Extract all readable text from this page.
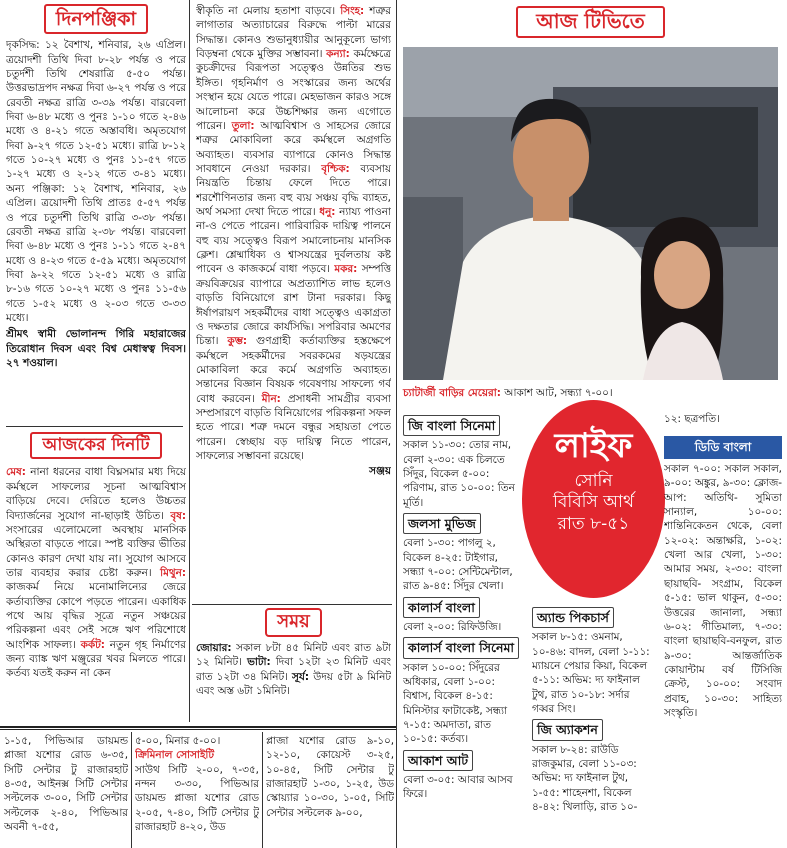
দিনপঞ্জিকা

দৃকসিদ্ধ: ১২ বৈশাখ, শনিবার, ২৬ এপ্রিল। ত্রয়োদশী তিথি দিবা ৮-২৮ পর্যন্ত ও পরে চতুর্দশী তিথি শেষরাত্রি ৫-৫০ পর্যন্ত। উত্তরভাদ্রপদ নক্ষত্র দিবা ৬-২৭ পর্যন্ত ও পরে রেবতী নক্ষত্র রাত্রি ৩-৩৯ পর্যন্ত। বারবেলা দিবা ৬-৪৮ মধ্যে ও পুনঃ ১-১০ গতে ২-৪৬ মধ্যে ও ৪-২১ গতে অস্তাবধি। অমৃতযোগ দিবা ৯-২৭ গতে ১২-৫১ মধ্যে। রাত্রি ৮-১২ গতে ১০-২৭ মধ্যে ও পুনঃ ১১-৫৭ গতে ১-২৭ মধ্যে ও ২-১২ গতে ৩-৪১ মধ্যে। অন্য পঞ্জিকা: ১২ বৈশাখ, শনিবার, ২৬ এপ্রিল। ত্রয়োদশী তিথি প্রাতঃ ৫-৫৭ পর্যন্ত ও পরে চতুর্দশী তিথি রাত্রি ৩-৩৮ পর্যন্ত। রেবতী নক্ষত্র রাত্রি ২-৩৮ পর্যন্ত। বারবেলা দিবা ৬-৪৮ মধ্যে ও পুনঃ ১-১১ গতে ২-৪৭ মধ্যে ও ৪-২৩ গতে ৫-৫৯ মধ্যে। অমৃতযোগ দিবা ৯-২২ গতে ১২-৫১ মধ্যে ও রাত্রি ৮-১৬ গতে ১০-২৭ মধ্যে ও পুনঃ ১১-৫৬ গতে ১-৫২ মধ্যে ও ২-০৩ গতে ৩-৩৩ মধ্যে।

শ্রীমৎ স্বামী ভোলানন্দ গিরি মহারাজের তিরোধান দিবস এবং বিশ্ব মেধাস্বত্ব দিবস। ২৭ শওয়াল।

আজকের দিনটি

মেষ: নানা ধরনের বাধা বিঘ্নসমার মধ্য দিয়ে কর্মস্থলে সাফল্যের সূচনা আত্মবিশ্বাস বাড়িয়ে দেবে। দেরিতে হলেও উচ্চতর বিদ্যার্জনের সুযোগ না-ছাড়াই উচিত। বৃষ: সংসারের এলোমেলো অবস্থায় মানসিক অস্থিরতা বাড়তে পারে। স্পষ্ট ব্যক্তির ভীতির কোনও কারণ দেখা যায় না। সুযোগ আসবে তার ব্যবহার করার চেষ্টা করুন। মিথুন: কাজকর্ম নিয়ে মনোমালিন্যের জেরে কর্তাব্যক্তির কোপে পড়তে পারেন। একাধিক পথে আয় বৃদ্ধির সূত্রে নতুন সঞ্চয়ের পরিকল্পনা এবং সেই সঙ্গে ঋণ পরিশোধে আংশিক সাফল্য। কর্কট: নতুন গৃহ নির্মাণের জন্য ব্যাঙ্ক ঋণ মঞ্জুরের খবর মিলতে পারে। কর্তব্য যতই করুন না কেন

স্বীকৃতি না মেলায় হতাশা বাড়বে। সিংহ: শত্রুর লাগাতার অত্যাচারের বিরুদ্ধে পাল্টা মারের সিদ্ধান্ত। কোনও শুভানুধ্যায়ীর আনুকূল্যে ভাগ্য বিড়ম্বনা থেকে মুক্তির সম্ভাবনা। কন্যা: কর্মক্ষেত্রে কুচক্রীদের বিরূপতা সত্ত্বেও উন্নতির শুভ ইঙ্গিত। গৃহনির্মাণ ও সংস্কারের জন্য অর্থের সংস্থান হয়ে যেতে পারে। মেহভাজন কারও সঙ্গে আলোচনা করে উচ্চশিক্ষার জন্য এগোতে পারেন। তুলা: আত্মবিশ্বাস ও সাহসের জোরে শত্রুর মোকাবিলা করে কর্মস্থলে অগ্রগতি অব্যাহত। ব্যবসার ব্যাপারে কোনও সিদ্ধান্ত সাবধানে নেওয়া দরকার। বৃশ্চিক: ব্যবসায় নিয়ন্ত্রতি চিন্তায় ফেলে দিতে পারে। শরশৌণিনতার জন্য বহু ব্যয় সঞ্চয় বৃদ্ধি ব্যাহত, অর্থ সমস্যা দেখা দিতে পারে। ধনু: ন্যায্য পাওনা না-ও পেতে পারেন। পারিবারিক দায়িত্ব পালনে বহু ব্যয় সত্ত্বেও বিরূপ সমালোচনায় মানসিক ক্লেশ। শ্লেষ্মাধিক্য ও শ্বাসযন্ত্রের দুর্বলতায় কষ্ট পাবেন ও কাজকর্মে বাধা পড়বে। মকর: সম্পত্তি ক্রয়বিক্রয়ের ব্যাপারে অপ্রত্যাশিত লাভ হলেও বাড়তি বিনিয়োগে রাশ টানা দরকার। কিছু ঈর্ষাপরায়ণ সহকর্মীদের বাধা সত্ত্বেও একাগ্রতা ও দক্ষতার জোরে কার্যসিদ্ধি। সপরিবার অমণের চিন্তা। কুম্ভ: গুণগ্রাহী কর্তাব্যক্তির হস্তক্ষেপে কর্মস্থলে সহকর্মীদের সবরকমের ষড়যন্ত্রের মোকাবিলা করে কর্মে অগ্রগতি অব্যাহত। সন্তানের বিজ্ঞান বিষয়ক গবেষণায় সাফল্যে গর্ব বোধ করবেন। মীন: প্রসাধনী সামগ্রীর ব্যবসা সম্প্রসারণে বাড়তি বিনিয়োগের পরিকল্পনা সফল হতে পারে। শত্রু দমনে বন্ধুর সহায়তা পেতে পারেন। স্বেচ্ছায় বড় দায়িত্ব নিতে পারেন, সাফল্যের সম্ভাবনা রয়েছে।

সঞ্জয়

সময়

জোয়ার: সকাল ৮টা ৪৫ মিনিট এবং রাত ৯টা ১২ মিনিট। ভাটা: দিবা ১২টা ২৩ মিনিট এবং রাত ১২টা ৩৪ মিনিট। সূর্য: উদয় ৫টা ৯ মিনিট এবং অস্ত ৬টা ১মিনিট।

১-১৫, পিভিআর ডায়মন্ড প্লাজা যশোর রোড ৬-৩৫, সিটি সেন্টার টু রাজারহাট ৪-৩৫, আইনক্স সিটি সেন্টার সল্টলেক ৩-০০, সিটি সেন্টার সল্টলেক ২-৪০, পিভিআর অবনী ৭-৫৫,

৫-০০, মিনার ৫-০০।

ক্রিমিনাল সোসাইটি

সাউথ সিটি ২-০০, ৭-৩৫, নন্দন ৩-৩০, পিভিআর ডায়মন্ড প্লাজা যশোর রোড ২-০৫, ৭-৪০, সিটি সেন্টার টু রাজারহাট ৪-২০, উড

প্লাজা যশোর রোড ৯-১০, ১২-১০, কোয়েস্ট ৩-২৫, ১০-৪৫, সিটি সেন্টার টু রাজারহাট ১-৩০, ১-২৫, উড স্কোয়্যার ১০-৩০, ১-০৫, সিটি সেন্টার সল্টলেক ৯-০০,

আজ টিভিতে
চ্যাটার্জী বাড়ির মেয়েরা: আকাশ আট, সন্ধ্যা ৭-০০।
জি বাংলা সিনেমা

সকাল ১১-৩০: তোর নাম, বেলা ২-৩০: এক চিলতে সিঁদুর, বিকেল ৫-০০: পরিণাম, রাত ১০-০০: তিন মূর্তি।

জলসা মুভিজ

বেলা ১-৩০: পাগলু ২, বিকেল ৪-২৫: টাইগার, সন্ধ্যা ৭-০০: সেন্টিমেন্টাল, রাত ৯-৪৫: সিঁদুর খেলা।

কালার্স বাংলা

বেলা ২-০০: রিফিউজি।

কালার্স বাংলা সিনেমা

সকাল ১০-০০: সিঁদুরের অধিকার, বেলা ১-০০: বিশ্বাস, বিকেল ৪-১৫: মিনিস্টার ফাটাকেষ্ট, সন্ধ্যা ৭-১৫: অমদাতা, রাত ১০-১৫: কর্তব্য।

আকাশ আট

বেলা ৩-০৫: আবার আসব ফিরে।

লাইফ
সোনি
বিবিসি আর্থ
রাত ৮-৫১
অ্যান্ড পিকচার্স

সকাল ৮-১৫: ওমনাম, ১০-৪৬: বাদল, বেলা ১-১১: ম্যায়নে পেয়ার কিয়া, বিকেল ৫-১১: অভিম: দ্য ফাইনাল টুথ, রাত ১০-১৮: সর্দার গব্বর সিং।

জি অ্যাকশন

সকাল ৮-২৪: রাউডি রাজকুমার, বেলা ১১-০৩: অভিম: দ্য ফাইনাল টুথ, ১-৫৫: শাহেনশা, বিকেল ৪-৪২: খিলাড়ি, রাত ১০-

১২: ছত্রপতি।

ডিডি বাংলা

সকাল ৭-০০: সকাল সকাল, ৯-০০: অঙ্কুর, ৯-৩০: ক্লোজ-আপ: অতিথি- সুমিতা সান্যাল, ১০-০০: শান্তিনিকেতন থেকে, বেলা ১২-০২: অন্তাক্ষরি, ১-০২: খেলা আর খেলা, ১-৩০: আমার সময়, ২-৩০: বাংলা ছায়াছবি- সংগ্রাম, বিকেল ৫-১৫: ভাল থাকুন, ৫-৩০: উত্তরের জানালা, সন্ধ্যা ৬-০২: গীতিমাল্য, ৭-৩০: বাংলা ছায়াছবি-বনফুল, রাত ৯-৩০: আন্তর্জাতিক কোয়ান্টাম বর্ষ টিসিজি ক্রেস্ট, ১০-০০: সংবাদ প্রবাহ, ১০-৩০: সাহিত্য সংস্কৃতি।
